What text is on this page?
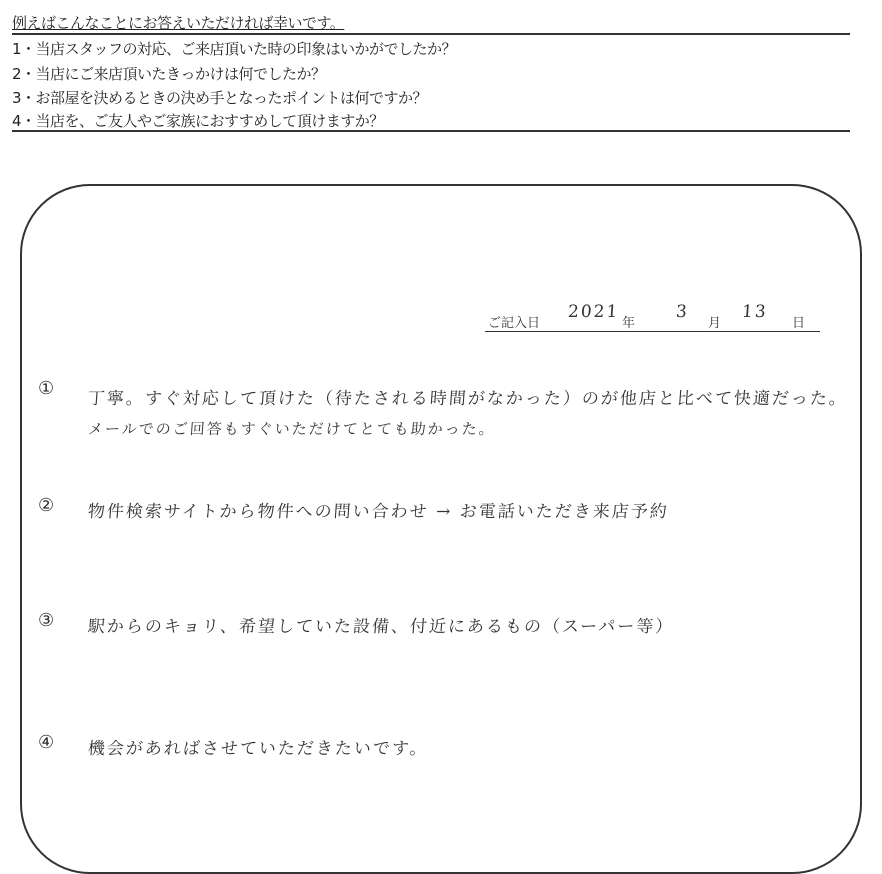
例えばこんなことにお答えいただければ幸いです。
1・当店スタッフの対応、ご来店頂いた時の印象はいかがでしたか？
2・当店にご来店頂いたきっかけは何でしたか？
3・お部屋を決めるときの決め手となったポイントは何ですか？
4・当店を、ご友人やご家族におすすめして頂けますか？
ご記入日
2021
年
3
月
13
日
① 丁寧。すぐ対応して頂けた（待たされる時間がなかった）のが他店と比べて快適だった。
メールでのご回答もすぐいただけてとても助かった。
② 物件検索サイトから物件への問い合わせ → お電話いただき来店予約
③ 駅からのキョリ、希望していた設備、付近にあるもの（スーパー等）
④ 機会があればさせていただきたいです。
